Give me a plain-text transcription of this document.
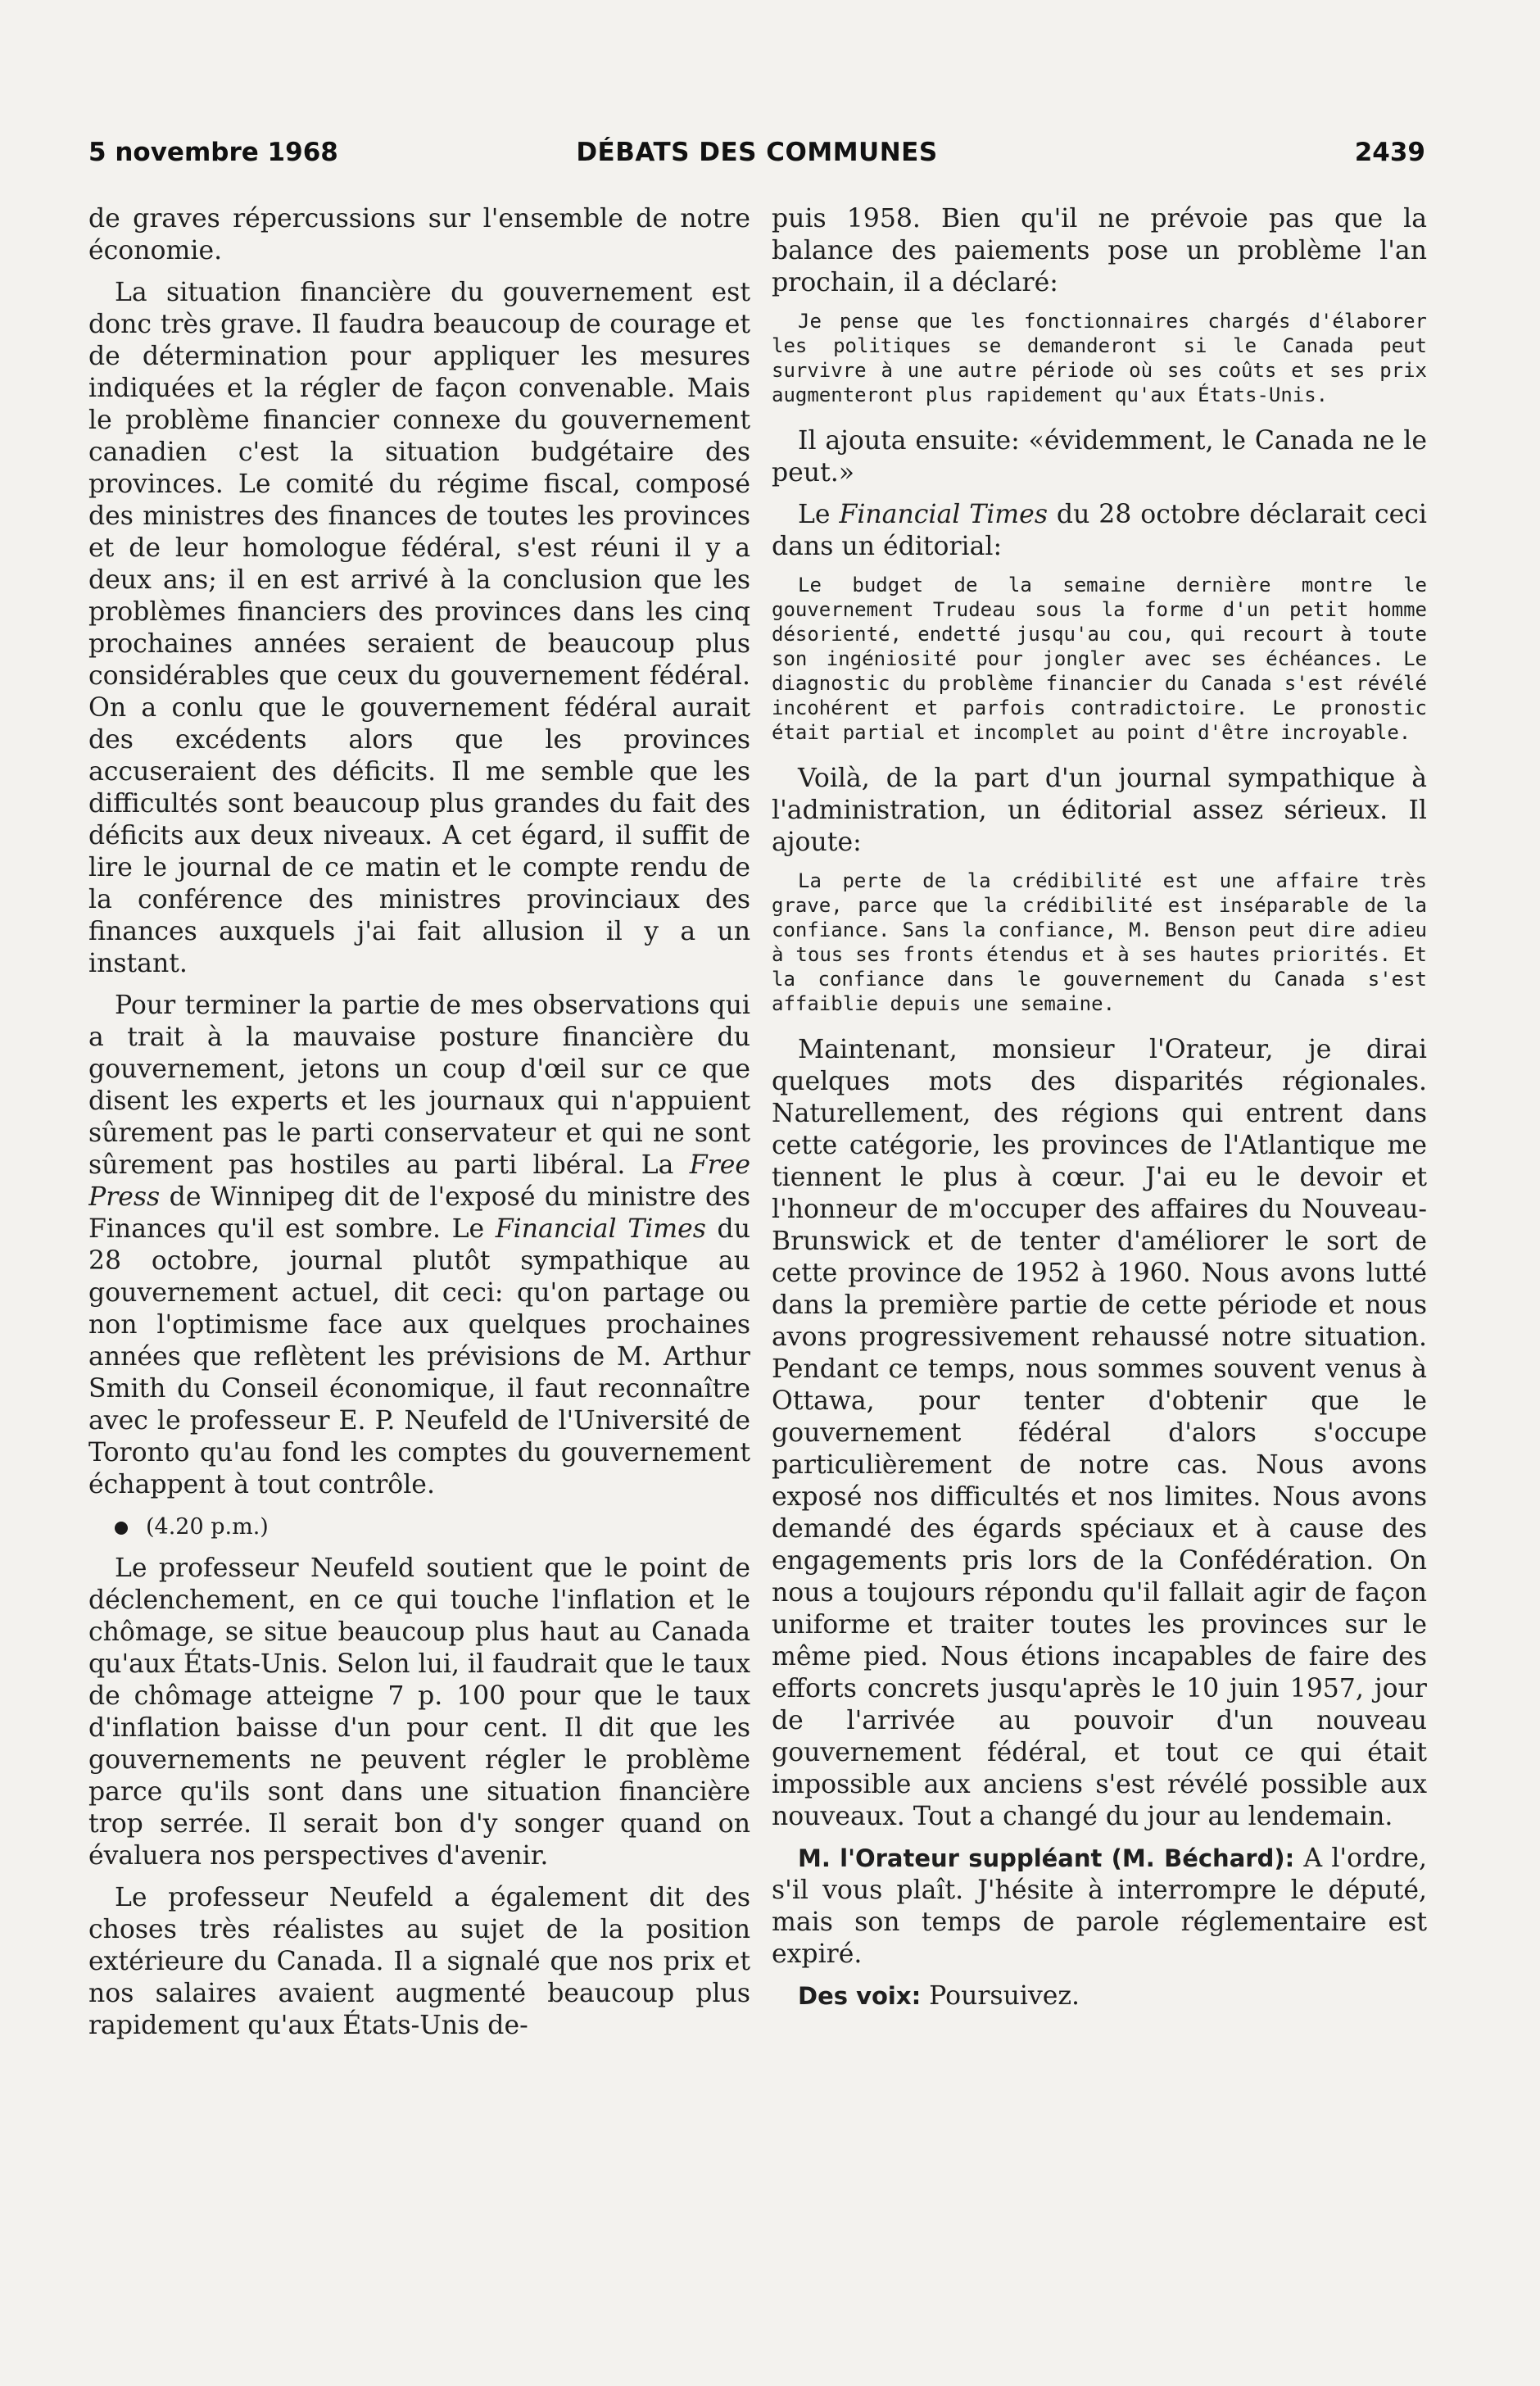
5 novembre 1968	DÉBATS DES COMMUNES	2439

de graves répercussions sur l'ensemble de notre économie.

La situation financière du gouvernement est donc très grave. Il faudra beaucoup de courage et de détermination pour appliquer les mesures indiquées et la régler de façon convenable. Mais le problème financier connexe du gouvernement canadien c'est la situation budgétaire des provinces. Le comité du régime fiscal, composé des ministres des finances de toutes les provinces et de leur homologue fédéral, s'est réuni il y a deux ans; il en est arrivé à la conclusion que les problèmes financiers des provinces dans les cinq prochaines années seraient de beaucoup plus considérables que ceux du gouvernement fédéral. On a conlu que le gouvernement fédéral aurait des excédents alors que les provinces accuseraient des déficits. Il me semble que les difficultés sont beaucoup plus grandes du fait des déficits aux deux niveaux. A cet égard, il suffit de lire le journal de ce matin et le compte rendu de la conférence des ministres provinciaux des finances auxquels j'ai fait allusion il y a un instant.

Pour terminer la partie de mes observations qui a trait à la mauvaise posture financière du gouvernement, jetons un coup d'œil sur ce que disent les experts et les journaux qui n'appuient sûrement pas le parti conservateur et qui ne sont sûrement pas hostiles au parti libéral. La Free Press de Winnipeg dit de l'exposé du ministre des Finances qu'il est sombre. Le Financial Times du 28 octobre, journal plutôt sympathique au gouvernement actuel, dit ceci: qu'on partage ou non l'optimisme face aux quelques prochaines années que reflètent les prévisions de M. Arthur Smith du Conseil économique, il faut reconnaître avec le professeur E. P. Neufeld de l'Université de Toronto qu'au fond les comptes du gouvernement échappent à tout contrôle.

(4.20 p.m.)

Le professeur Neufeld soutient que le point de déclenchement, en ce qui touche l'inflation et le chômage, se situe beaucoup plus haut au Canada qu'aux États-Unis. Selon lui, il faudrait que le taux de chômage atteigne 7 p. 100 pour que le taux d'inflation baisse d'un pour cent. Il dit que les gouvernements ne peuvent régler le problème parce qu'ils sont dans une situation financière trop serrée. Il serait bon d'y songer quand on évaluera nos perspectives d'avenir.

Le professeur Neufeld a également dit des choses très réalistes au sujet de la position extérieure du Canada. Il a signalé que nos prix et nos salaires avaient augmenté beaucoup plus rapidement qu'aux États-Unis de-

puis 1958. Bien qu'il ne prévoie pas que la balance des paiements pose un problème l'an prochain, il a déclaré:

Je pense que les fonctionnaires chargés d'élaborer les politiques se demanderont si le Canada peut survivre à une autre période où ses coûts et ses prix augmenteront plus rapidement qu'aux États-Unis.

Il ajouta ensuite: «évidemment, le Canada ne le peut.»

Le Financial Times du 28 octobre déclarait ceci dans un éditorial:

Le budget de la semaine dernière montre le gouvernement Trudeau sous la forme d'un petit homme désorienté, endetté jusqu'au cou, qui recourt à toute son ingéniosité pour jongler avec ses échéances. Le diagnostic du problème financier du Canada s'est révélé incohérent et parfois contradictoire. Le pronostic était partial et incomplet au point d'être incroyable.

Voilà, de la part d'un journal sympathique à l'administration, un éditorial assez sérieux. Il ajoute:

La perte de la crédibilité est une affaire très grave, parce que la crédibilité est inséparable de la confiance. Sans la confiance, M. Benson peut dire adieu à tous ses fronts étendus et à ses hautes priorités. Et la confiance dans le gouvernement du Canada s'est affaiblie depuis une semaine.

Maintenant, monsieur l'Orateur, je dirai quelques mots des disparités régionales. Naturellement, des régions qui entrent dans cette catégorie, les provinces de l'Atlantique me tiennent le plus à cœur. J'ai eu le devoir et l'honneur de m'occuper des affaires du Nouveau-Brunswick et de tenter d'améliorer le sort de cette province de 1952 à 1960. Nous avons lutté dans la première partie de cette période et nous avons progressivement rehaussé notre situation. Pendant ce temps, nous sommes souvent venus à Ottawa, pour tenter d'obtenir que le gouvernement fédéral d'alors s'occupe particulièrement de notre cas. Nous avons exposé nos difficultés et nos limites. Nous avons demandé des égards spéciaux et à cause des engagements pris lors de la Confédération. On nous a toujours répondu qu'il fallait agir de façon uniforme et traiter toutes les provinces sur le même pied. Nous étions incapables de faire des efforts concrets jusqu'après le 10 juin 1957, jour de l'arrivée au pouvoir d'un nouveau gouvernement fédéral, et tout ce qui était impossible aux anciens s'est révélé possible aux nouveaux. Tout a changé du jour au lendemain.

M. l'Orateur suppléant (M. Béchard): A l'ordre, s'il vous plaît. J'hésite à interrompre le député, mais son temps de parole réglementaire est expiré.

Des voix: Poursuivez.
